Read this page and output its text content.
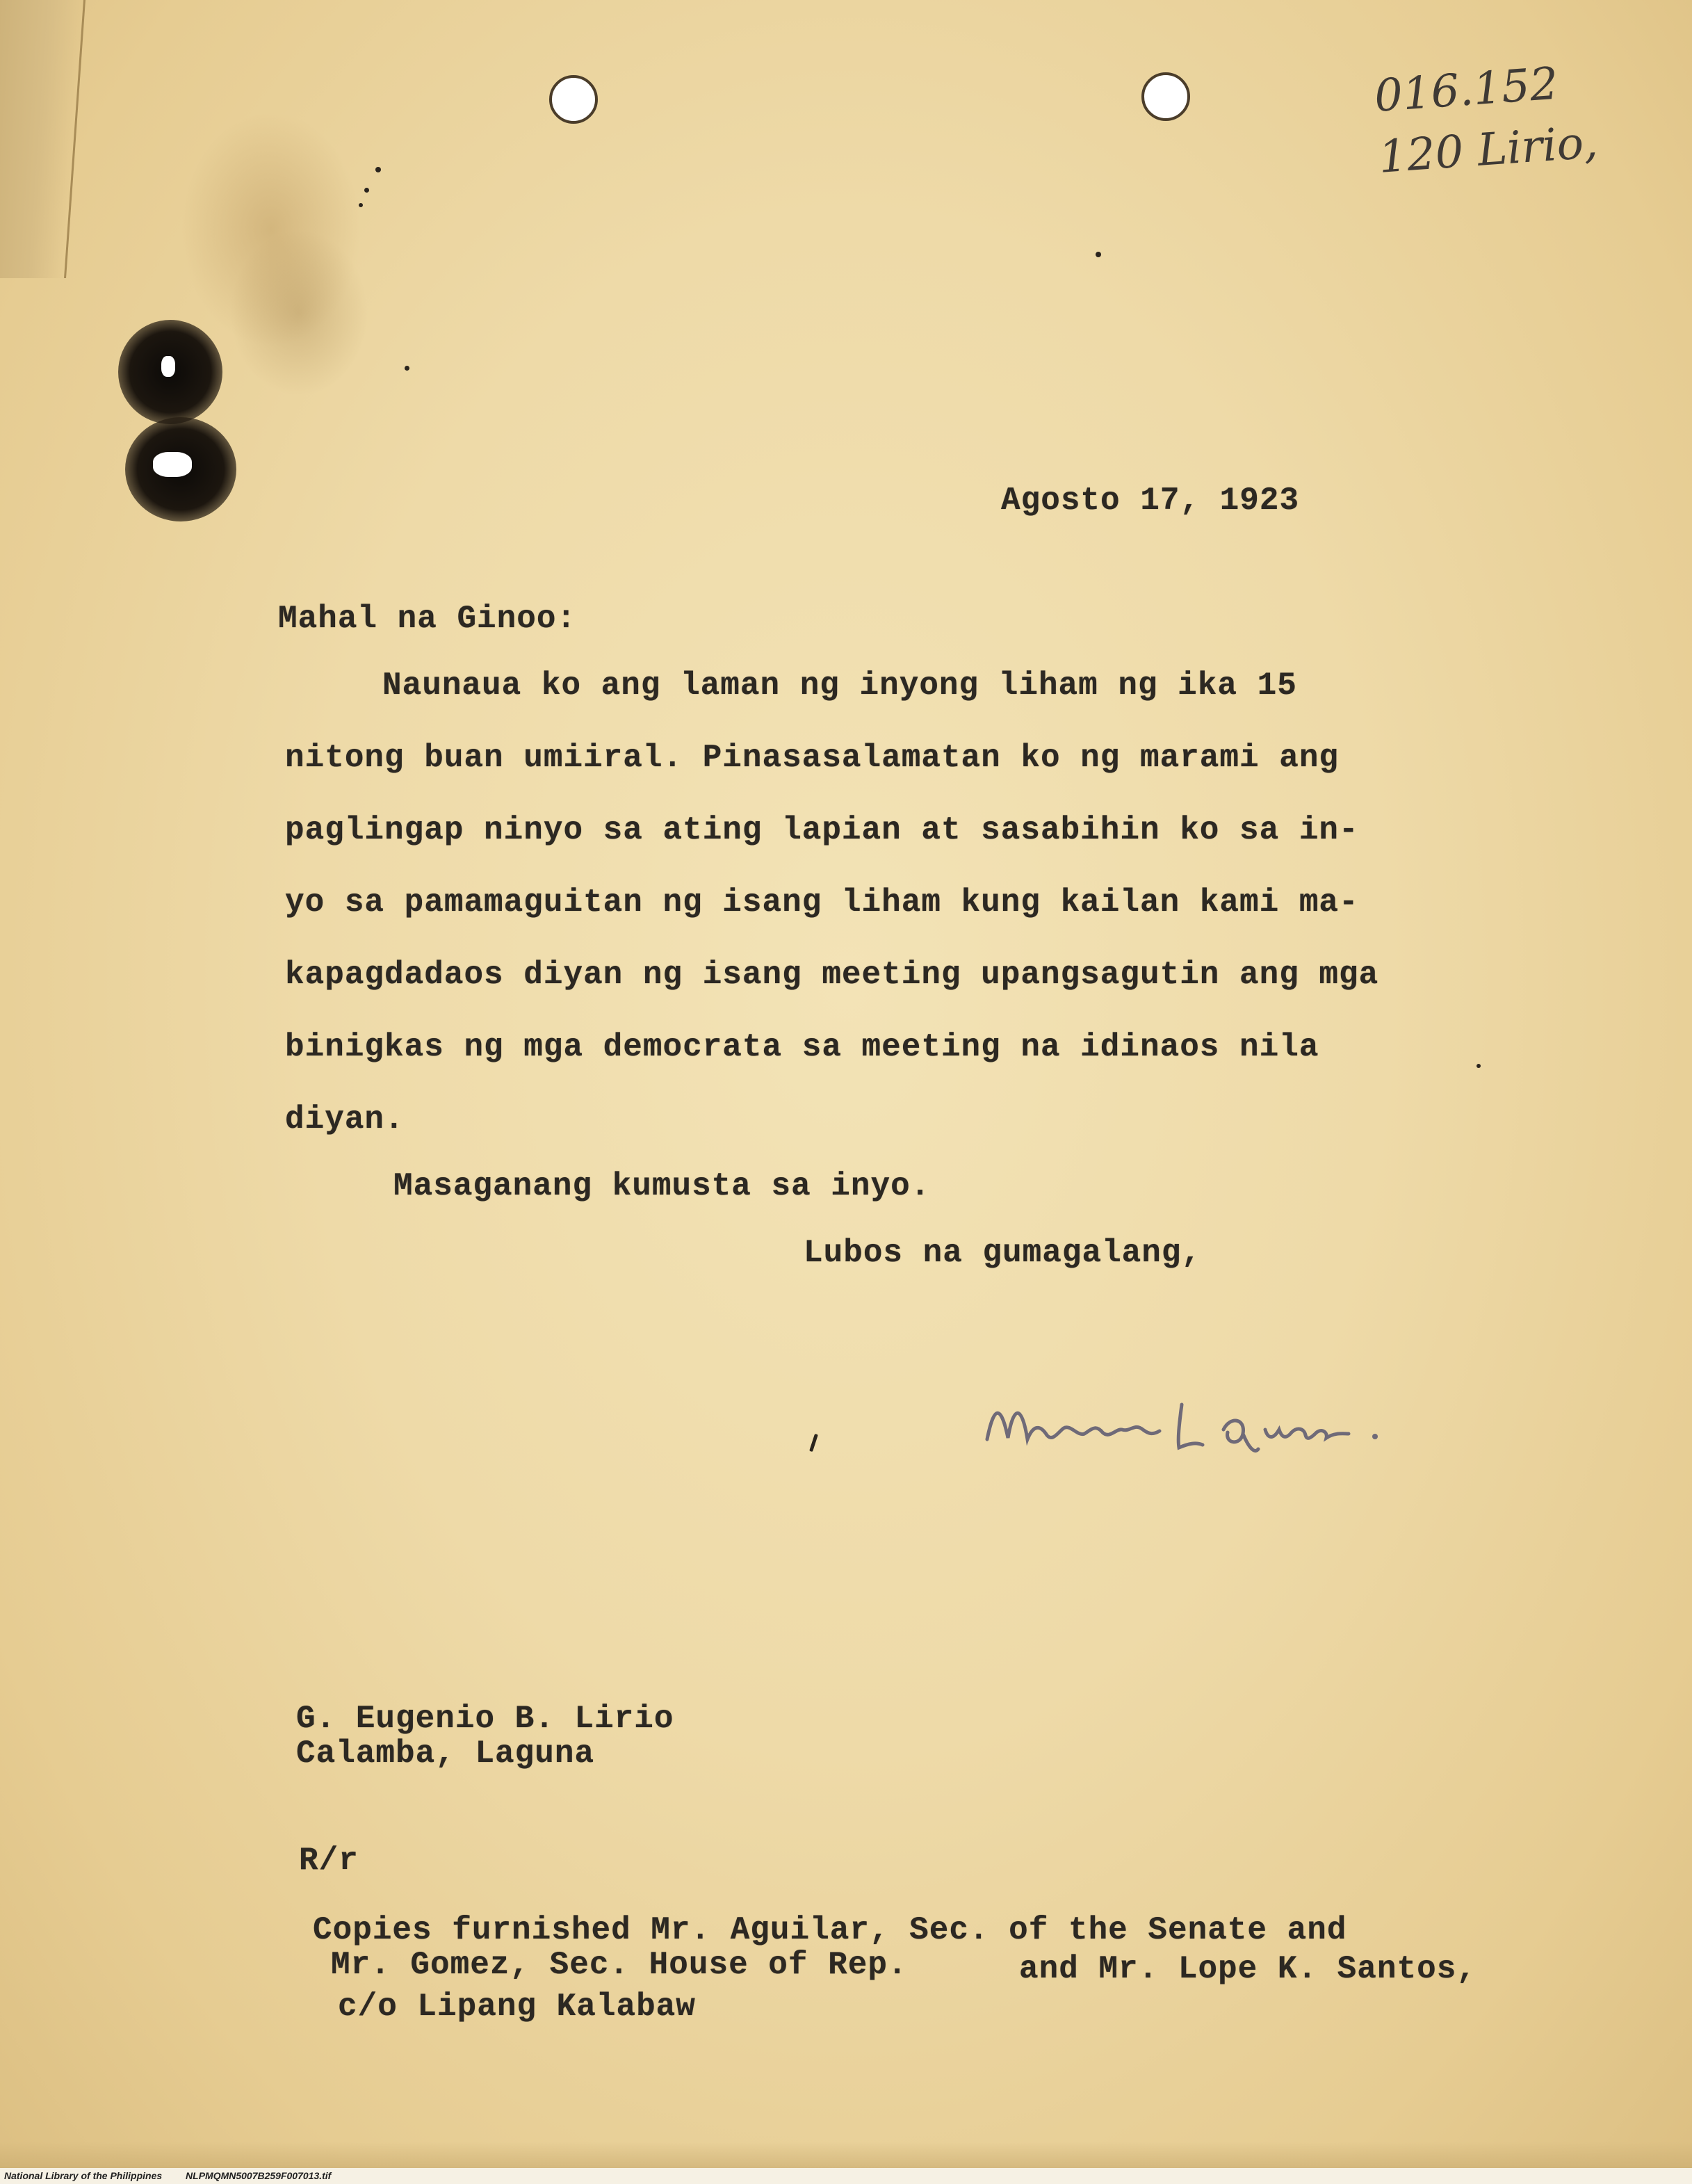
016.152
120 Lirio,
Agosto 17, 1923
Mahal na Ginoo:
Naunaua ko ang laman ng inyong liham ng ika 15
nitong buan umiiral. Pinasasalamatan ko ng marami ang
paglingap ninyo sa ating lapian at sasabihin ko sa in-
yo sa pamamaguitan ng isang liham kung kailan kami ma-
kapagdadaos diyan ng isang meeting upangsagutin ang mga
binigkas ng mga democrata sa meeting na idinaos nila
diyan.
Masaganang kumusta sa inyo.
Lubos na gumagalang,
G. Eugenio B. Lirio
Calamba, Laguna
R/r
Copies furnished Mr. Aguilar, Sec. of the Senate and
Mr. Gomez, Sec. House of Rep.	and Mr. Lope K. Santos,
c/o Lipang Kalabaw
National Library of the Philippines NLPMQMN5007B259F007013.tif
